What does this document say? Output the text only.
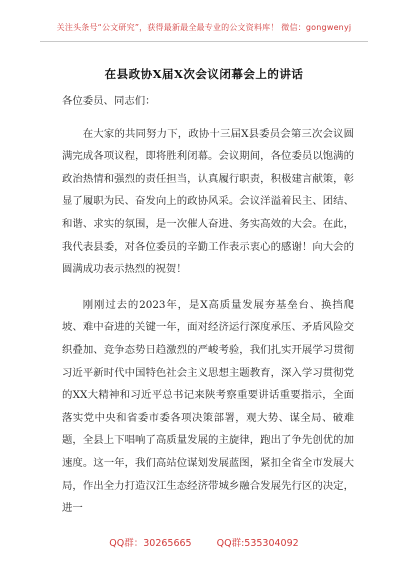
关注头条号“公文研究”，获得最新最全最专业的公文资料库！ 微信：gongwenyj
在县政协X届X次会议闭幕会上的讲话

各位委员、同志们：

在大家的共同努力下，政协十三届X县委员会第三次会议圆满完成各项议程，即将胜利闭幕。会议期间，各位委员以饱满的政治热情和强烈的责任担当，认真履行职责，积极建言献策，彰显了履职为民、奋发向上的政协风采。会议洋溢着民主、团结、和谐、求实的氛围，是一次催人奋进、务实高效的大会。在此，我代表县委，对各位委员的辛勤工作表示衷心的感谢！向大会的圆满成功表示热烈的祝贺！

刚刚过去的2023年，是X高质量发展夯基垒台、换挡爬坡、难中奋进的关键一年，面对经济运行深度承压、矛盾风险交织叠加、竞争态势日趋激烈的严峻考验，我们扎实开展学习贯彻习近平新时代中国特色社会主义思想主题教育，深入学习贯彻党的XX大精神和习近平总书记来陕考察重要讲话重要指示，全面落实党中央和省委市委各项决策部署，观大势、谋全局、破难题，全县上下唱响了高质量发展的主旋律，跑出了争先创优的加速度。这一年，我们高站位谋划发展蓝图，紧扣全省全市发展大局，作出全力打造汉江生态经济带城乡融合发展先行区的决定，进一

QQ群：30265665	QQ群:535304092
